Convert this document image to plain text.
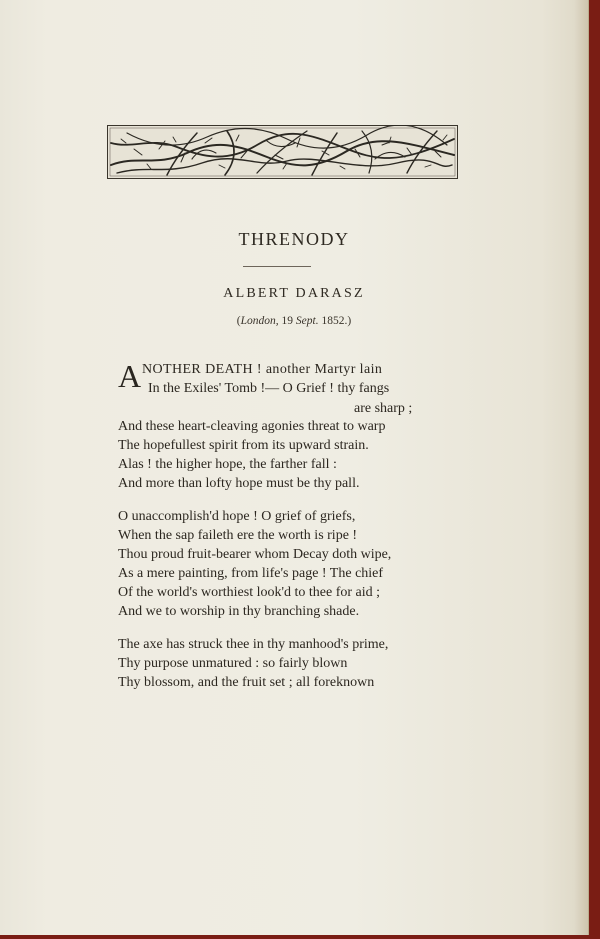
THRENODY
ALBERT DARASZ
(London, 19 Sept. 1852.)
A NOTHER DEATH ! another Martyr lain
In the Exiles' Tomb !— O Grief ! thy fangs
are sharp ;
And these heart-cleaving agonies threat to warp
The hopefullest spirit from its upward strain.
Alas ! the higher hope, the farther fall :
And more than lofty hope must be thy pall.
O unaccomplish'd hope ! O grief of griefs,
When the sap faileth ere the worth is ripe !
Thou proud fruit-bearer whom Decay doth wipe,
As a mere painting, from life's page ! The chief
Of the world's worthiest look'd to thee for aid ;
And we to worship in thy branching shade.
The axe has struck thee in thy manhood's prime,
Thy purpose unmatured : so fairly blown
Thy blossom, and the fruit set ; all foreknown
